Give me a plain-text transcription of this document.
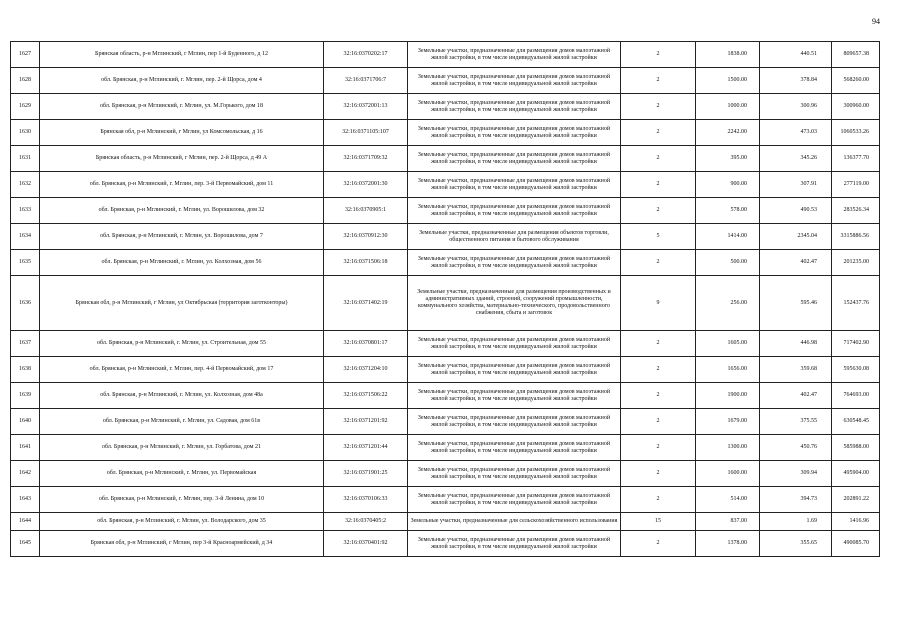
94
1627	Брянская область, р-н Мглинский, г Мглин, пер 1-й Буденного, д 12	32:16:0370202:17	Земельные участки, предназначенные для размещения домов малоэтажной жилой застройки, в том числе индивидуальной жилой застройки	2	1838.00	440.51	809657.38
1628	обл. Брянская, р-н Мглинский, г. Мглин, пер. 2-й Щорса, дом 4	32:16:0371706:7	Земельные участки, предназначенные для размещения домов малоэтажной жилой застройки, в том числе индивидуальной жилой застройки	2	1500.00	378.84	568260.00
1629	обл. Брянская, р-н Мглинский, г. Мглин, ул. М.Горького, дом 18	32:16:0372001:13	Земельные участки, предназначенные для размещения домов малоэтажной жилой застройки, в том числе индивидуальной жилой застройки	2	1000.00	300.96	300960.00
1630	Брянская обл, р-н Мглинский, г Мглин, ул Комсомольская, д 16	32:16:0371105:107	Земельные участки, предназначенные для размещения домов малоэтажной жилой застройки, в том числе индивидуальной жилой застройки	2	2242.00	473.03	1060533.26
1631	Брянская область, р-н Мглинский, г Мглин, пер. 2-й Щорса, д 49 А	32:16:0371709:32	Земельные участки, предназначенные для размещения домов малоэтажной жилой застройки, в том числе индивидуальной жилой застройки	2	395.00	345.26	136377.70
1632	обл. Брянская, р-н Мглинский, г. Мглин, пер. 3-й Первомайский, дом 11	32:16:0372001:30	Земельные участки, предназначенные для размещения домов малоэтажной жилой застройки, в том числе индивидуальной жилой застройки	2	900.00	307.91	277119.00
1633	обл. Брянская, р-н Мглинский, г. Мглин, ул. Ворошилова, дом 32	32:16:0370905:1	Земельные участки, предназначенные для размещения домов малоэтажной жилой застройки, в том числе индивидуальной жилой застройки	2	578.00	490.53	283526.34
1634	обл. Брянская, р-н Мглинский, г. Мглин, ул. Ворошилова, дом 7	32:16:0370912:30	Земельные участки, предназначенные для размещения объектов торговли, общественного питания и бытового обслуживания	5	1414.00	2345.04	3315886.56
1635	обл. Брянская, р-н Мглинский, г. Мглин, ул. Колхозная, дом 56	32:16:0371506:18	Земельные участки, предназначенные для размещения домов малоэтажной жилой застройки, в том числе индивидуальной жилой застройки	2	500.00	402.47	201235.00
1636	Брянская обл, р-н Мглинский, г Мглин, ул Октябрьская (территория заготконторы)	32:16:0371402:19	Земельные участки, предназначенные для размещения производственных и административных зданий, строений, сооружений промышленности, коммунального хозяйства, материально-технического, продовольственного снабжения, сбыта и заготовок	9	256.00	595.46	152437.76
1637	обл. Брянская, р-н Мглинский, г. Мглин, ул. Строительная, дом 55	32:16:0370801:17	Земельные участки, предназначенные для размещения домов малоэтажной жилой застройки, в том числе индивидуальной жилой застройки	2	1605.00	446.98	717402.90
1638	обл. Брянская, р-н Мглинский, г. Мглин, пер. 4-й Первомайский, дом 17	32:16:0371204:10	Земельные участки, предназначенные для размещения домов малоэтажной жилой застройки, в том числе индивидуальной жилой застройки	2	1656.00	359.68	595630.08
1639	обл. Брянская, р-н Мглинский, г. Мглин, ул. Колхозная, дом 48а	32:16:0371506:22	Земельные участки, предназначенные для размещения домов малоэтажной жилой застройки, в том числе индивидуальной жилой застройки	2	1900.00	402.47	764693.00
1640	обл. Брянская, р-н Мглинский, г. Мглин, ул. Садовая, дом 61в	32:16:0371201:92	Земельные участки, предназначенные для размещения домов малоэтажной жилой застройки, в том числе индивидуальной жилой застройки	2	1679.00	375.55	630548.45
1641	обл. Брянская, р-н Мглинский, г. Мглин, ул. Горбатова, дом 21	32:16:0371201:44	Земельные участки, предназначенные для размещения домов малоэтажной жилой застройки, в том числе индивидуальной жилой застройки	2	1300.00	450.76	585988.00
1642	обл. Брянская, р-н Мглинский, г. Мглин, ул. Первомайская	32:16:0371901:25	Земельные участки, предназначенные для размещения домов малоэтажной жилой застройки, в том числе индивидуальной жилой застройки	2	1600.00	309.94	495904.00
1643	обл. Брянская, р-н Мглинский, г. Мглин, пер. 3-й Ленина, дом 10	32:16:0370106:33	Земельные участки, предназначенные для размещения домов малоэтажной жилой застройки, в том числе индивидуальной жилой застройки	2	514.00	394.73	202891.22
1644	обл. Брянская, р-н Мглинский, г. Мглин, ул. Володарского, дом 35	32:16:0370405:2	Земельные участки, предназначенные для сельскохозяйственного использования	15	837.00	1.69	1416.96
1645	Брянская обл, р-н Мглинский, г Мглин, пер 3-й Красноармейский, д 34	32:16:0370401:92	Земельные участки, предназначенные для размещения домов малоэтажной жилой застройки, в том числе индивидуальной жилой застройки	2	1378.00	355.65	490085.70
